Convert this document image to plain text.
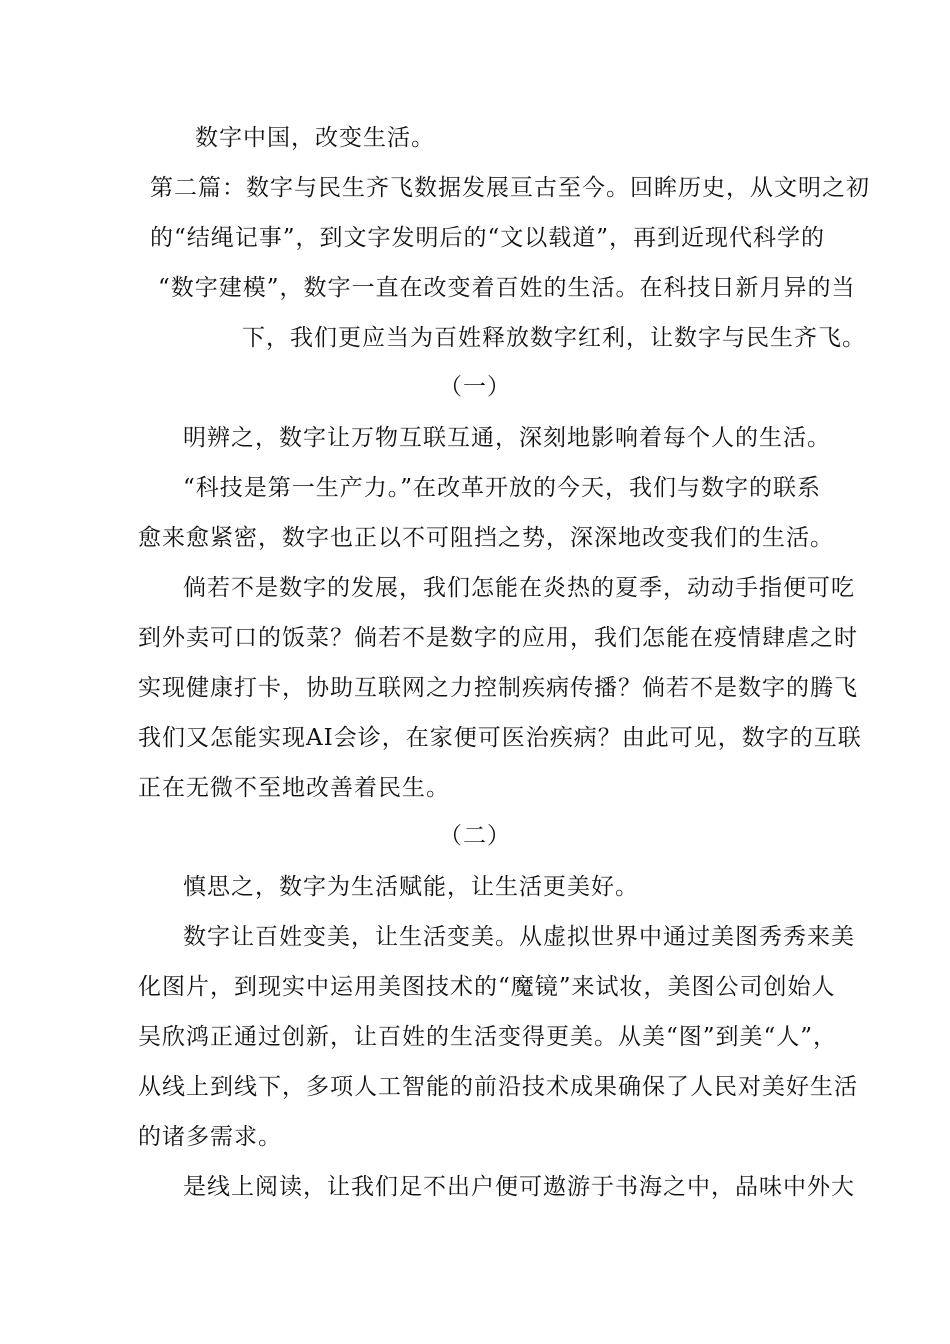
数字中国，改变生活。
第二篇：数字与民生齐飞数据发展亘古至今。回眸历史，从文明之初
的“结绳记事”，到文字发明后的“文以载道”，再到近现代科学的
“数字建模”，数字一直在改变着百姓的生活。在科技日新月异的当
下，我们更应当为百姓释放数字红利，让数字与民生齐飞。
（一）
明辨之，数字让万物互联互通，深刻地影响着每个人的生活。
“科技是第一生产力。”在改革开放的今天，我们与数字的联系
愈来愈紧密，数字也正以不可阻挡之势，深深地改变我们的生活。
倘若不是数字的发展，我们怎能在炎热的夏季，动动手指便可吃
到外卖可口的饭菜？倘若不是数字的应用，我们怎能在疫情肆虐之时
实现健康打卡，协助互联网之力控制疾病传播？倘若不是数字的腾飞
我们又怎能实现AI会诊，在家便可医治疾病？由此可见，数字的互联
正在无微不至地改善着民生。
（二）
慎思之，数字为生活赋能，让生活更美好。
数字让百姓变美，让生活变美。从虚拟世界中通过美图秀秀来美
化图片，到现实中运用美图技术的“魔镜”来试妆，美图公司创始人
吴欣鸿正通过创新，让百姓的生活变得更美。从美“图”到美“人”，
从线上到线下，多项人工智能的前沿技术成果确保了人民对美好生活
的诸多需求。
是线上阅读，让我们足不出户便可遨游于书海之中，品味中外大
